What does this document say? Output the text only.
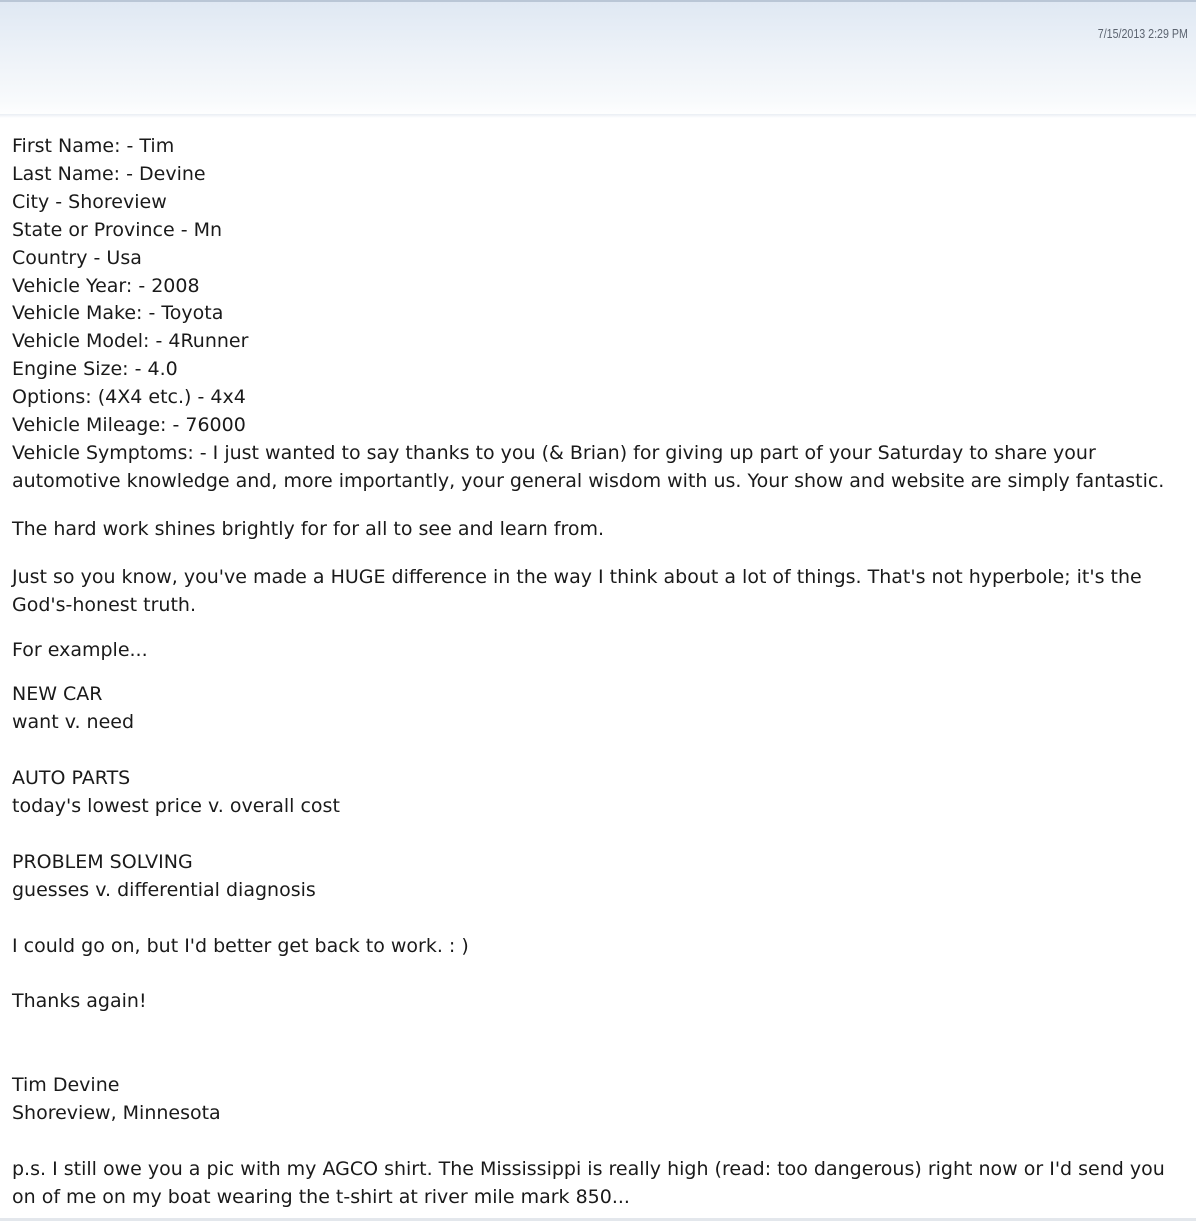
7/15/2013 2:29 PM
First Name: - Tim
Last Name: - Devine
City - Shoreview
State or Province - Mn
Country - Usa
Vehicle Year: - 2008
Vehicle Make: - Toyota
Vehicle Model: - 4Runner
Engine Size: - 4.0
Options: (4X4 etc.) - 4x4
Vehicle Mileage: - 76000
Vehicle Symptoms: - I just wanted to say thanks to you (& Brian) for giving up part of your Saturday to share your
automotive knowledge and, more importantly, your general wisdom with us. Your show and website are simply fantastic.
The hard work shines brightly for for all to see and learn from.
Just so you know, you've made a HUGE difference in the way I think about a lot of things. That's not hyperbole; it's the
God's-honest truth.
For example...
NEW CAR
want v. need
AUTO PARTS
today's lowest price v. overall cost
PROBLEM SOLVING
guesses v. differential diagnosis
I could go on, but I'd better get back to work. : )
Thanks again!
Tim Devine
Shoreview, Minnesota
p.s. I still owe you a pic with my AGCO shirt. The Mississippi is really high (read: too dangerous) right now or I'd send you
on of me on my boat wearing the t-shirt at river mile mark 850...
